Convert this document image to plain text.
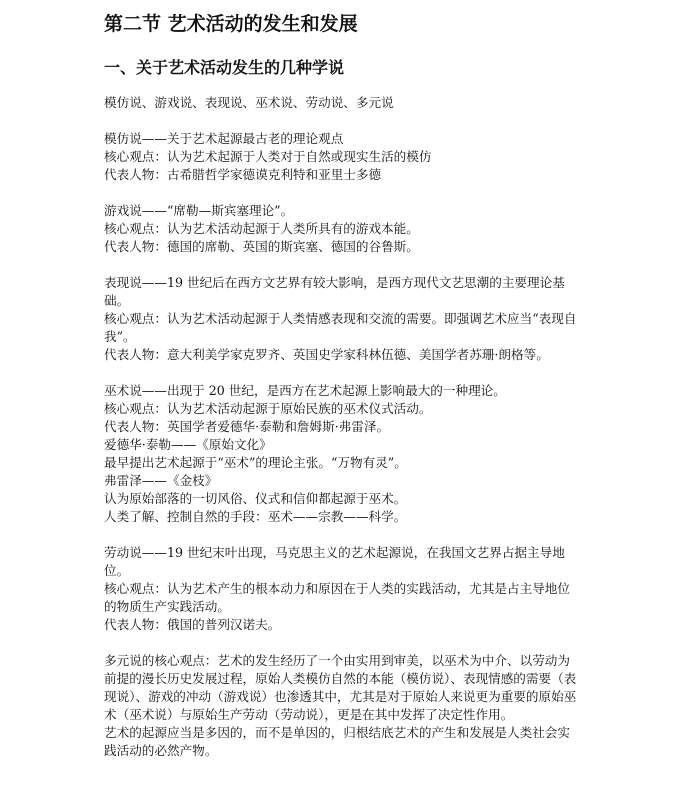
第二节 艺术活动的发生和发展
一、关于艺术活动发生的几种学说

模仿说、游戏说、表现说、巫术说、劳动说、多元说

模仿说——关于艺术起源最古老的理论观点
核心观点：认为艺术起源于人类对于自然或现实生活的模仿
代表人物：古希腊哲学家德谟克利特和亚里士多德

游戏说——“席勒—斯宾塞理论”。
核心观点：认为艺术活动起源于人类所具有的游戏本能。
代表人物：德国的席勒、英国的斯宾塞、德国的谷鲁斯。

表现说——19 世纪后在西方文艺界有较大影响，是西方现代文艺思潮的主要理论基础。
核心观点：认为艺术活动起源于人类情感表现和交流的需要。即强调艺术应当“表现自我”。
代表人物：意大利美学家克罗齐、英国史学家科林伍德、美国学者苏珊·朗格等。

巫术说——出现于 20 世纪，是西方在艺术起源上影响最大的一种理论。
核心观点：认为艺术活动起源于原始民族的巫术仪式活动。
代表人物：英国学者爱德华·泰勒和詹姆斯·弗雷泽。
爱德华·泰勒——《原始文化》
最早提出艺术起源于“巫术”的理论主张。“万物有灵”。
弗雷泽——《金枝》
认为原始部落的一切风俗、仪式和信仰都起源于巫术。
人类了解、控制自然的手段：巫术——宗教——科学。

劳动说——19 世纪末叶出现，马克思主义的艺术起源说，在我国文艺界占据主导地位。
核心观点：认为艺术产生的根本动力和原因在于人类的实践活动，尤其是占主导地位的物质生产实践活动。
代表人物：俄国的普列汉诺夫。

多元说的核心观点：艺术的发生经历了一个由实用到审美，以巫术为中介、以劳动为前提的漫长历史发展过程，原始人类模仿自然的本能（模仿说）、表现情感的需要（表现说）、游戏的冲动（游戏说）也渗透其中，尤其是对于原始人来说更为重要的原始巫术（巫术说）与原始生产劳动（劳动说），更是在其中发挥了决定性作用。
艺术的起源应当是多因的，而不是单因的，归根结底艺术的产生和发展是人类社会实践活动的必然产物。
